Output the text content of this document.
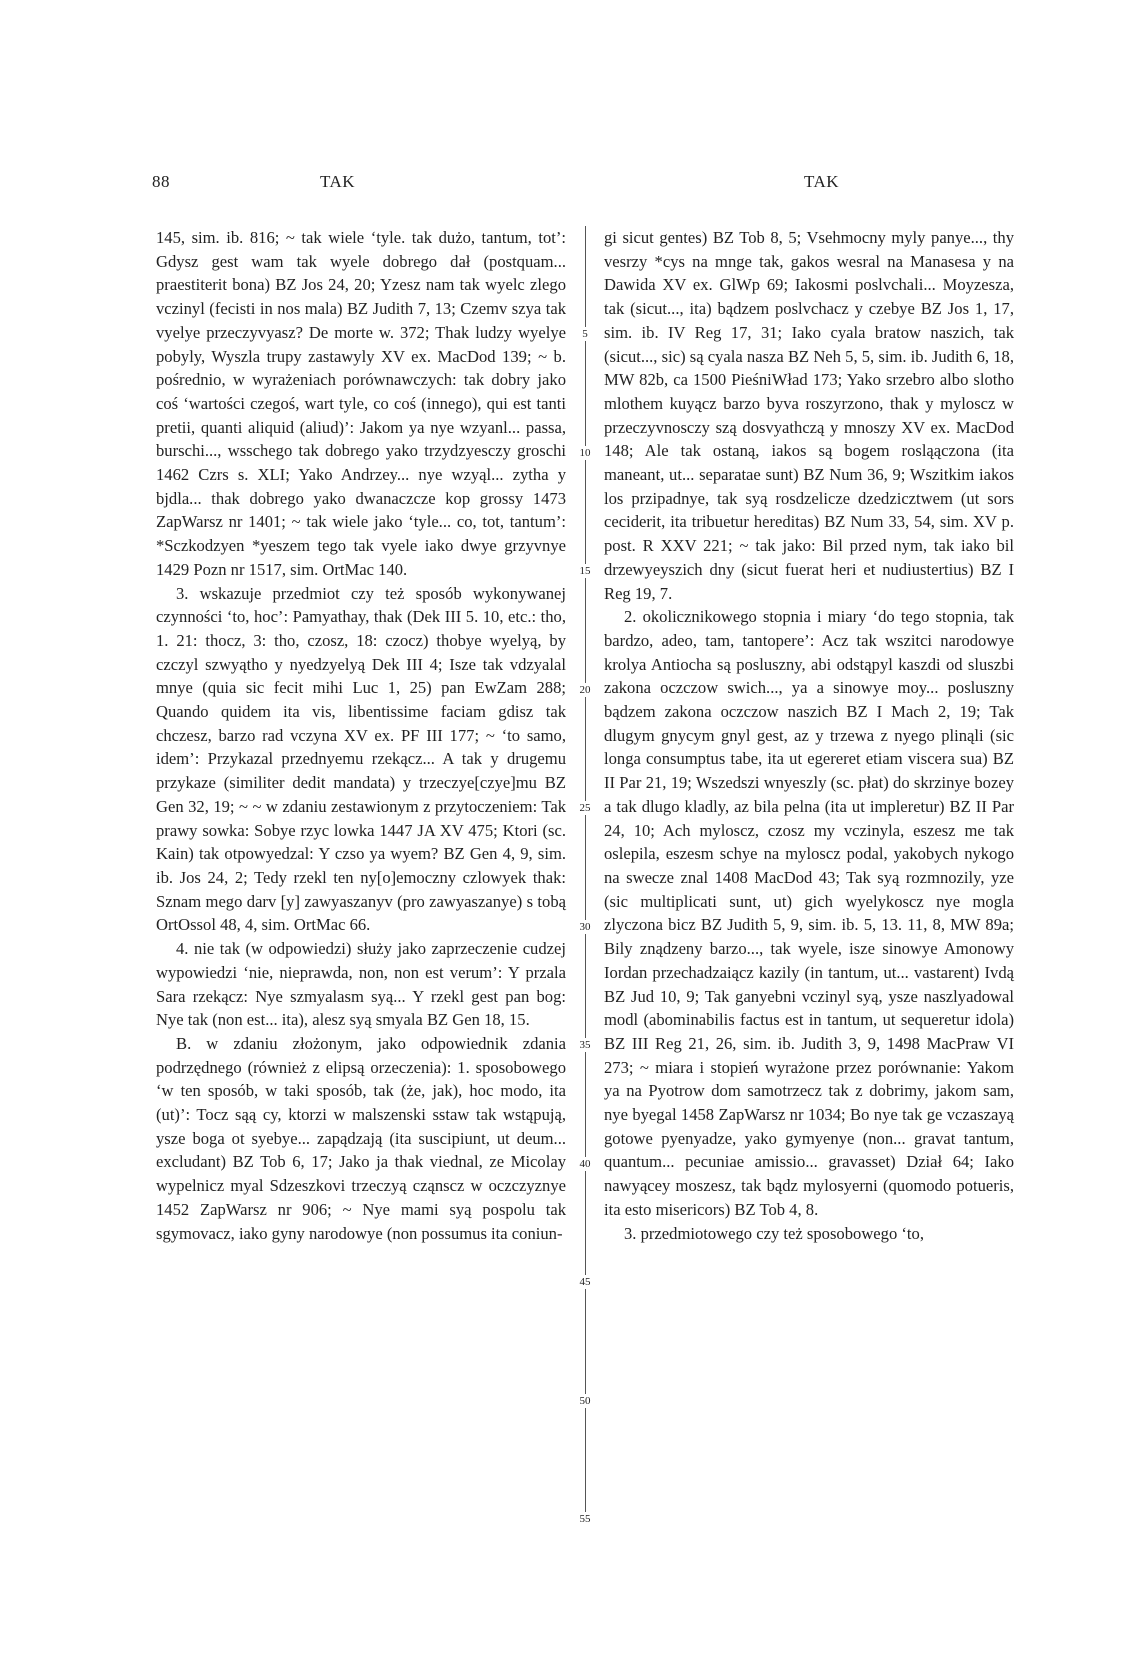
88	TAK	TAK

145, sim. ib. 816; ~ tak wiele ‘tyle. tak dużo, tantum, tot’: Gdysz gest wam tak wyele dobrego dał (postquam... praestiterit bona) BZ Jos 24, 20; Yzesz nam tak wyelc zlego vczinyl (fecisti in nos mala) BZ Judith 7, 13; Czemv szya tak vyelye przeczyvyasz? De morte w. 372; Thak ludzy wyelye pobyly, Wyszla trupy zastawyly XV ex. MacDod 139; ~ b. pośrednio, w wyrażeniach porównawczych: tak dobry jako coś ‘wartości czegoś, wart tyle, co coś (innego), qui est tanti pretii, quanti aliquid (aliud)’: Jakom ya nye wzyanl... passa, burschi..., wsschego tak dobrego yako trzydzyesczy groschi 1462 Czrs s. XLI; Yako Andrzey... nye wzyąl... zytha y bjdla... thak dobrego yako dwanaczcze kop grossy 1473 ZapWarsz nr 1401; ~ tak wiele jako ‘tyle... co, tot, tantum’: *Sczkodzyen *yeszem tego tak vyele iako dwye grzyvnye 1429 Pozn nr 1517, sim. OrtMac 140.

3. wskazuje przedmiot czy też sposób wykonywanej czynności ‘to, hoc’: Pamyathay, thak (Dek III 5. 10, etc.: tho, 1. 21: thocz, 3: tho, czosz, 18: czocz) thobye wyelyą, by czczyl szwyątho y nyedzyelyą Dek III 4; Isze tak vdzyalal mnye (quia sic fecit mihi Luc 1, 25) pan EwZam 288; Quando quidem ita vis, libentissime faciam gdisz tak chczesz, barzo rad vczyna XV ex. PF III 177; ~ ‘to samo, idem’: Przykazal przednyemu rzekącz... A tak y drugemu przykaze (similiter dedit mandata) y trzeczye[czye]mu BZ Gen 32, 19; ~ ~ w zdaniu zestawionym z przytoczeniem: Tak prawy sowka: Sobye rzyc lowka 1447 JA XV 475; Ktori (sc. Kain) tak otpowyedzal: Y czso ya wyem? BZ Gen 4, 9, sim. ib. Jos 24, 2; Tedy rzekl ten ny[o]emoczny czlowyek thak: Sznam mego darv [y] zawyaszanyv (pro zawyaszanye) s tobą OrtOssol 48, 4, sim. OrtMac 66.

4. nie tak (w odpowiedzi) służy jako zaprzeczenie cudzej wypowiedzi ‘nie, nieprawda, non, non est verum’: Y przala Sara rzekącz: Nye szmyalasm syą... Y rzekl gest pan bog: Nye tak (non est... ita), alesz syą smyala BZ Gen 18, 15.

B. w zdaniu złożonym, jako odpowiednik zdania podrzędnego (również z elipsą orzeczenia): 1. sposobowego ‘w ten sposób, w taki sposób, tak (że, jak), hoc modo, ita (ut)’: Tocz sąą cy, ktorzi w malszenski sstaw tak wstąpują, ysze boga ot syebye... zapądzają (ita suscipiunt, ut deum... excludant) BZ Tob 6, 17; Jako ja thak viednal, ze Micolay wypelnicz myal Sdzeszkovi trzeczyą cząnscz w oczczyznye 1452 ZapWarsz nr 906; ~ Nye mami syą pospolu tak sgymovacz, iako gyny narodowye (non possumus ita coniun-

5
10
15
20
25
30
35
40
45
50
55

gi sicut gentes) BZ Tob 8, 5; Vsehmocny myly panye..., thy vesrzy *cys na mnge tak, gakos wesral na Manasesa y na Dawida XV ex. GlWp 69; Iakosmi poslvchali... Moyzesza, tak (sicut..., ita) bądzem poslvchacz y czebye BZ Jos 1, 17, sim. ib. IV Reg 17, 31; Iako cyala bratow naszich, tak (sicut..., sic) są cyala nasza BZ Neh 5, 5, sim. ib. Judith 6, 18, MW 82b, ca 1500 PieśniWład 173; Yako srzebro albo slotho mlothem kuyącz barzo byva roszyrzono, thak y myloscz w przeczyvnosczy szą dosvyathczą y mnoszy XV ex. MacDod 148; Ale tak ostaną, iakos są bogem rosląączona (ita maneant, ut... separatae sunt) BZ Num 36, 9; Wszitkim iakos los przipadnye, tak syą rosdzelicze dzedzicztwem (ut sors ceciderit, ita tribuetur hereditas) BZ Num 33, 54, sim. XV p. post. R XXV 221; ~ tak jako: Bil przed nym, tak iako bil drzewyeyszich dny (sicut fuerat heri et nudiustertius) BZ I Reg 19, 7.

2. okolicznikowego stopnia i miary ‘do tego stopnia, tak bardzo, adeo, tam, tantopere’: Acz tak wszitci narodowye krolya Antiocha są posluszny, abi odstąpyl kaszdi od sluszbi zakona oczczow swich..., ya a sinowye moy... posluszny bądzem zakona oczczow naszich BZ I Mach 2, 19; Tak dlugym gnycym gnyl gest, az y trzewa z nyego plinąli (sic longa consumptus tabe, ita ut egereret etiam viscera sua) BZ II Par 21, 19; Wszedszi wnyeszly (sc. płat) do skrzinye bozey a tak dlugo kladly, az bila pelna (ita ut impleretur) BZ II Par 24, 10; Ach myloscz, czosz my vczinyla, eszesz me tak oslepila, eszesm schye na myloscz podal, yakobych nykogo na swecze znal 1408 MacDod 43; Tak syą rozmnozily, yze (sic multiplicati sunt, ut) gich wyelykoscz nye mogla zlyczona bicz BZ Judith 5, 9, sim. ib. 5, 13. 11, 8, MW 89a; Bily znądzeny barzo..., tak wyele, isze sinowye Amonowy Iordan przechadzaiącz kazily (in tantum, ut... vastarent) Ivdą BZ Jud 10, 9; Tak ganyebni vczinyl syą, ysze naszlyadowal modl (abominabilis factus est in tantum, ut sequeretur idola) BZ III Reg 21, 26, sim. ib. Judith 3, 9, 1498 MacPraw VI 273; ~ miara i stopień wyrażone przez porównanie: Yakom ya na Pyotrow dom samotrzecz tak z dobrimy, jakom sam, nye byegal 1458 ZapWarsz nr 1034; Bo nye tak ge vczaszayą gotowe pyenyadze, yako gymyenye (non... gravat tantum, quantum... pecuniae amissio... gravasset) Dział 64; Iako nawyącey moszesz, tak bądz mylosyerni (quomodo potueris, ita esto misericors) BZ Tob 4, 8.

3. przedmiotowego czy też sposobowego ‘to,
